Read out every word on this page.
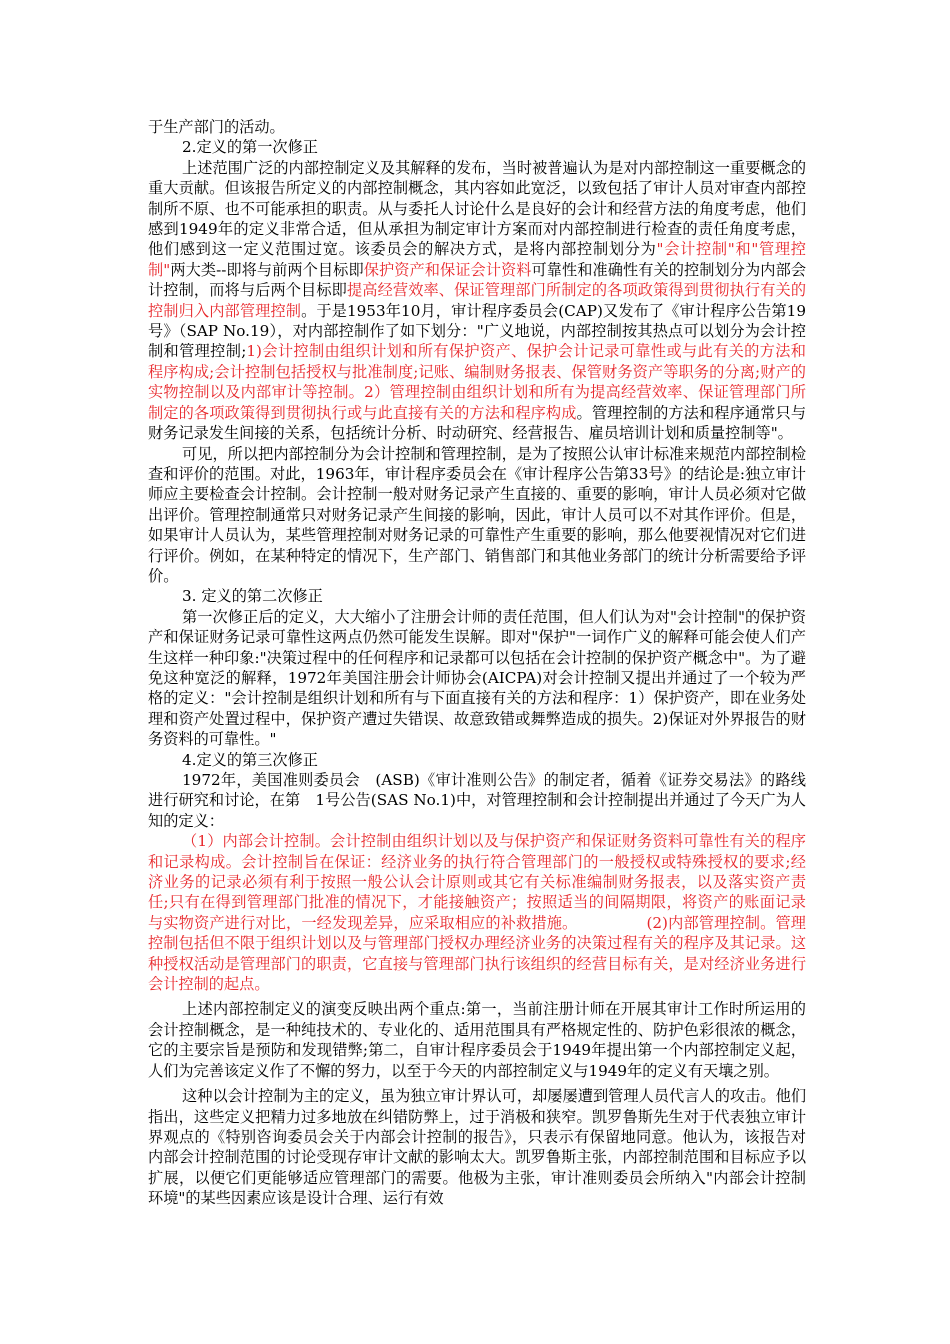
于生产部门的活动。

2.定义的第一次修正

上述范围广泛的内部控制定义及其解释的发布，当时被普遍认为是对内部控制这一重要概念的重大贡献。但该报告所定义的内部控制概念，其内容如此宽泛，以致包括了审计人员对审查内部控制所不原、也不可能承担的职责。从与委托人讨论什么是良好的会计和经营方法的角度考虑，他们感到1949年的定义非常合适，但从承担为制定审计方案而对内部控制进行检查的责任角度考虑，他们感到这一定义范围过宽。该委员会的解决方式，是将内部控制划分为"会计控制"和"管理控制"两大类--即将与前两个目标即保护资产和保证会计资料可靠性和准确性有关的控制划分为内部会计控制，而将与后两个目标即提高经营效率、保证管理部门所制定的各项政策得到贯彻执行有关的控制归入内部管理控制。于是1953年10月，审计程序委员会(CAP)又发布了《审计程序公告第19号》（SAP No.19），对内部控制作了如下划分："广义地说，内部控制按其热点可以划分为会计控制和管理控制;1)会计控制由组织计划和所有保护资产、保护会计记录可靠性或与此有关的方法和程序构成;会计控制包括授权与批准制度;记账、编制财务报表、保管财务资产等职务的分离;财产的实物控制以及内部审计等控制。2）管理控制由组织计划和所有为提高经营效率、保证管理部门所制定的各项政策得到贯彻执行或与此直接有关的方法和程序构成。管理控制的方法和程序通常只与财务记录发生间接的关系，包括统计分析、时动研究、经营报告、雇员培训计划和质量控制等"。

可见，所以把内部控制分为会计控制和管理控制，是为了按照公认审计标准来规范内部控制检查和评价的范围。对此，1963年，审计程序委员会在《审计程序公告第33号》的结论是:独立审计师应主要检查会计控制。会计控制一般对财务记录产生直接的、重要的影响，审计人员必须对它做出评价。管理控制通常只对财务记录产生间接的影响，因此，审计人员可以不对其作评价。但是，如果审计人员认为，某些管理控制对财务记录的可靠性产生重要的影响，那么他要视情况对它们进行评价。例如，在某种特定的情况下，生产部门、销售部门和其他业务部门的统计分析需要给予评价。

3. 定义的第二次修正

第一次修正后的定义，大大缩小了注册会计师的责任范围，但人们认为对"会计控制"的保护资产和保证财务记录可靠性这两点仍然可能发生误解。即对"保护"一词作广义的解释可能会使人们产生这样一种印象:"决策过程中的任何程序和记录都可以包括在会计控制的保护资产概念中"。为了避免这种宽泛的解释，1972年美国注册会计师协会(AICPA)对会计控制又提出并通过了一个较为严格的定义："会计控制是组织计划和所有与下面直接有关的方法和程序：1）保护资产，即在业务处理和资产处置过程中，保护资产遭过失错误、故意致错或舞弊造成的损失。2)保证对外界报告的财务资料的可靠性。"

4.定义的第三次修正

1972年，美国准则委员会　(ASB)《审计准则公告》的制定者，循着《证券交易法》的路线进行研究和讨论，在第　1号公告(SAS No.1)中，对管理控制和会计控制提出并通过了今天广为人知的定义：

（1）内部会计控制。会计控制由组织计划以及与保护资产和保证财务资料可靠性有关的程序和记录构成。会计控制旨在保证：经济业务的执行符合管理部门的一般授权或特殊授权的要求;经济业务的记录必须有利于按照一般公认会计原则或其它有关标准编制财务报表，以及落实资产责任;只有在得到管理部门批准的情况下，才能接触资产；按照适当的间隔期限，将资产的账面记录与实物资产进行对比，一经发现差异，应采取相应的补救措施。　　　　　(2)内部管理控制。管理控制包括但不限于组织计划以及与管理部门授权办理经济业务的决策过程有关的程序及其记录。这种授权活动是管理部门的职责，它直接与管理部门执行该组织的经营目标有关，是对经济业务进行会计控制的起点。

上述内部控制定义的演变反映出两个重点:第一，当前注册计师在开展其审计工作时所运用的会计控制概念，是一种纯技术的、专业化的、适用范围具有严格规定性的、防护色彩很浓的概念，它的主要宗旨是预防和发现错弊;第二，自审计程序委员会于1949年提出第一个内部控制定义起，人们为完善该定义作了不懈的努力，以至于今天的内部控制定义与1949年的定义有天壤之别。

这种以会计控制为主的定义，虽为独立审计界认可，却屡屡遭到管理人员代言人的攻击。他们指出，这些定义把精力过多地放在纠错防弊上，过于消极和狭窄。凯罗鲁斯先生对于代表独立审计界观点的《特别咨询委员会关于内部会计控制的报告》，只表示有保留地同意。他认为，该报告对内部会计控制范围的讨论受现存审计文献的影响太大。凯罗鲁斯主张，内部控制范围和目标应予以扩展，以便它们更能够适应管理部门的需要。他极为主张，审计准则委员会所纳入"内部会计控制环境"的某些因素应该是设计合理、运行有效
